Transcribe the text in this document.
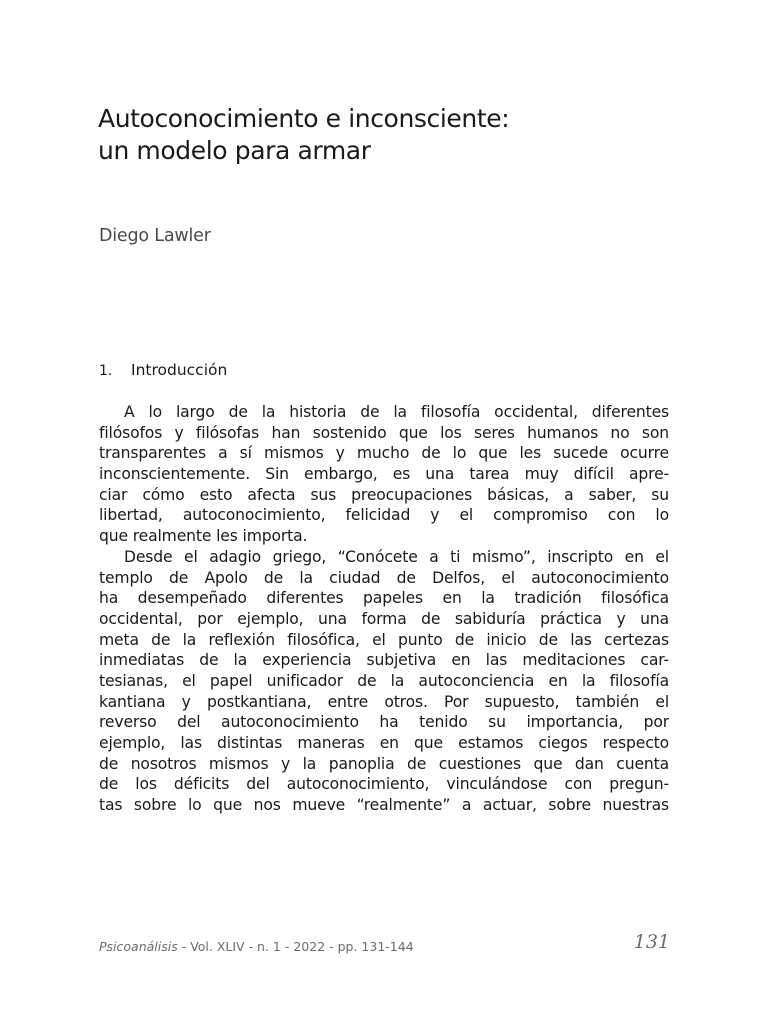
Autoconocimiento e inconsciente:
un modelo para armar
Diego Lawler
1. Introducción
A lo largo de la historia de la filosofía occidental, diferentes
filósofos y filósofas han sostenido que los seres humanos no son
transparentes a sí mismos y mucho de lo que les sucede ocurre
inconscientemente. Sin embargo, es una tarea muy difícil apre-
ciar cómo esto afecta sus preocupaciones básicas, a saber, su
libertad, autoconocimiento, felicidad y el compromiso con lo
que realmente les importa.
Desde el adagio griego, “Conócete a ti mismo”, inscripto en el
templo de Apolo de la ciudad de Delfos, el autoconocimiento
ha desempeñado diferentes papeles en la tradición filosófica
occidental, por ejemplo, una forma de sabiduría práctica y una
meta de la reflexión filosófica, el punto de inicio de las certezas
inmediatas de la experiencia subjetiva en las meditaciones car-
tesianas, el papel unificador de la autoconciencia en la filosofía
kantiana y postkantiana, entre otros. Por supuesto, también el
reverso del autoconocimiento ha tenido su importancia, por
ejemplo, las distintas maneras en que estamos ciegos respecto
de nosotros mismos y la panoplia de cuestiones que dan cuenta
de los déficits del autoconocimiento, vinculándose con pregun-
tas sobre lo que nos mueve “realmente” a actuar, sobre nuestras
Psicoanálisis - Vol. XLIV - n. 1 - 2022 - pp. 131-144	131
